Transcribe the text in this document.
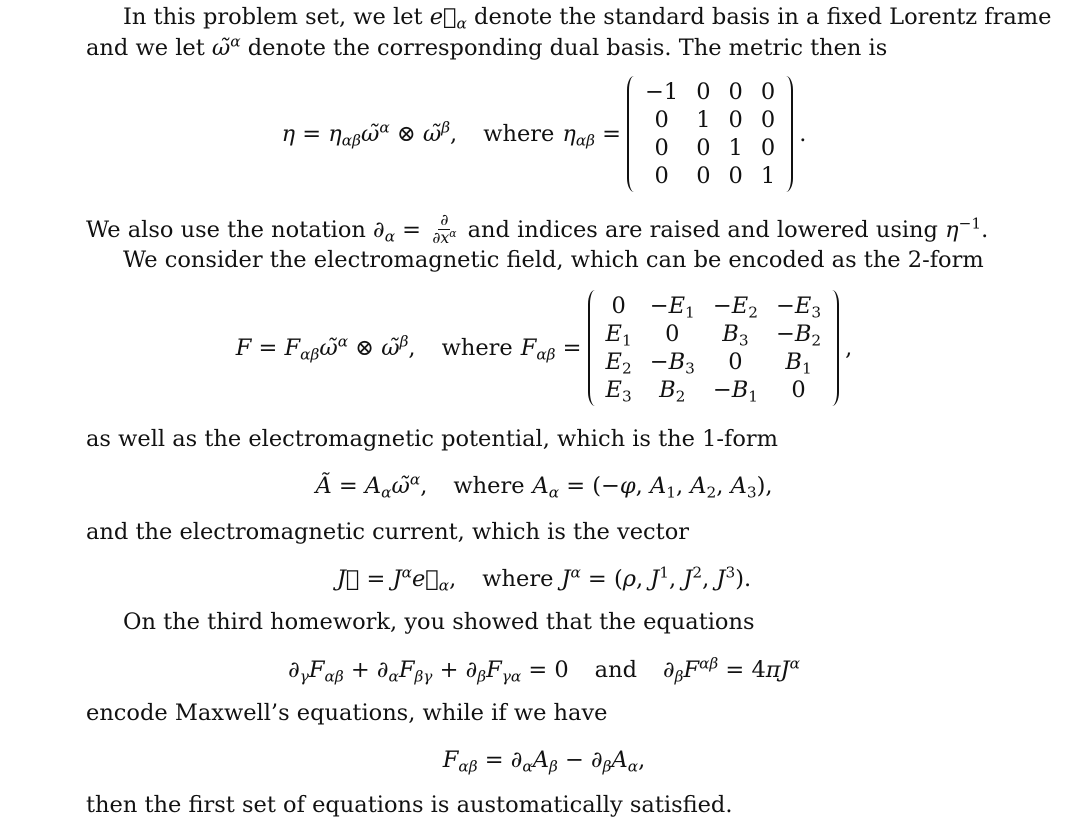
In this problem set, we let $e⃗_\alpha$ denote the standard basis in a fixed Lorentz frame and we let ω̃$^\alpha$ denote the corresponding dual basis. The metric then is
$\eta = \eta_{\alpha\beta}\omegã^\alpha$ ⊗ ω̃$^\beta$, where $\eta_{\alpha\beta}$ =
−1 0 0 0
0	1 0 0
0	0 1 0
0	0 0 1
.
We also use the notation $\partial_\alpha = \frac{\partial}{\partial x^\alpha}$ and indices are raised and lowered using $\eta^{-1}$.
We consider the electromagnetic field, which can be encoded as the 2-form
$F = F_{\alpha\beta}\omegã^\alpha$ ⊗ ω̃$^\beta$, where $F_{\alpha\beta}$ =
$0 -E_1 -E_2 -E_3$
$E_1$	0	$B_3$	$-B_2$
$E_2 -B_3$	0	$B_1$
$E_3$	$B_2$	$-B_1$	0
,
as well as the electromagnetic potential, which is the 1-form
Ã = $A_\alpha\omegã^\alpha$, where $A_\alpha = (-\varphi$, $A_1$, $A_2$, $A_3$),
and the electromagnetic current, which is the vector
J⃗ = $J^\alpha e⃗_\alpha$, where $J^\alpha = (\rho$, $J^1$, $J^2$, $J^3$).
On the third homework, you showed that the equations
$\partial_\gamma F_{\alpha\beta} + \partial_\alpha F_{\beta\gamma} + \partial_\beta F_{\gamma\alpha} = 0$ and $\partial_\beta F^{\alpha\beta} = 4\pi J^\alpha$
encode Maxwell’s equations, while if we have
$F_{\alpha\beta} = \partial_\alpha A_\beta - \partial_\beta A_\alpha$,
then the first set of equations is austomatically satisfied.
